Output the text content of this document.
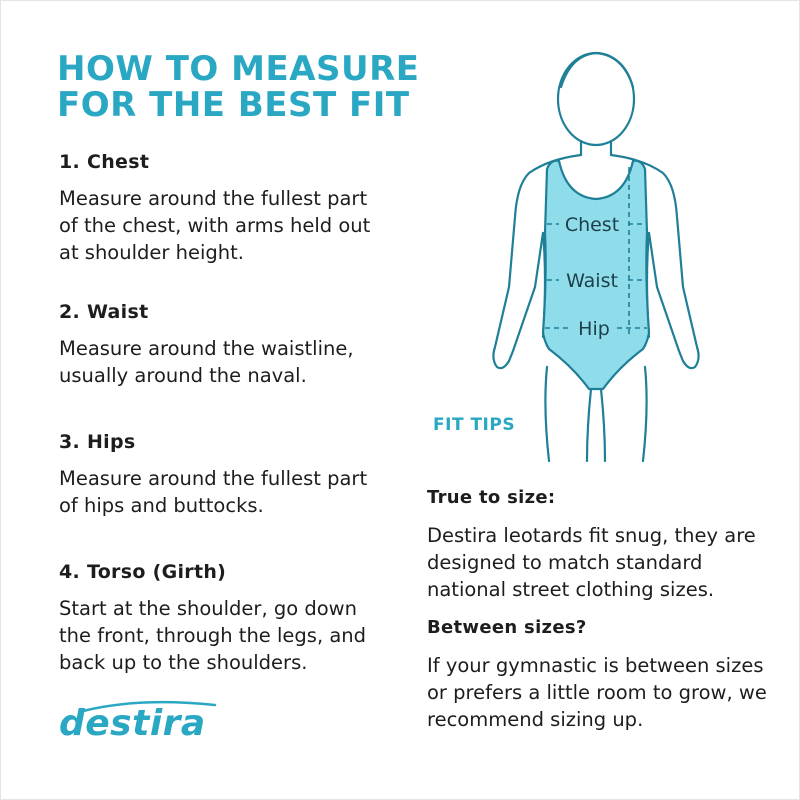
HOW TO MEASURE
FOR THE BEST FIT
1. Chest

Measure around the fullest part of the chest, with arms held out at shoulder height.

2. Waist

Measure around the waistline, usually around the naval.

3. Hips

Measure around the fullest part of hips and buttocks.

4. Torso (Girth)

Start at the shoulder, go down the front, through the legs, and back up to the shoulders.

Chest
Waist
Hip
FIT TIPS
True to size:

Destira leotards fit snug, they are designed to match standard national street clothing sizes.

Between sizes?

If your gymnastic is between sizes or prefers a little room to grow, we recommend sizing up.

destira
